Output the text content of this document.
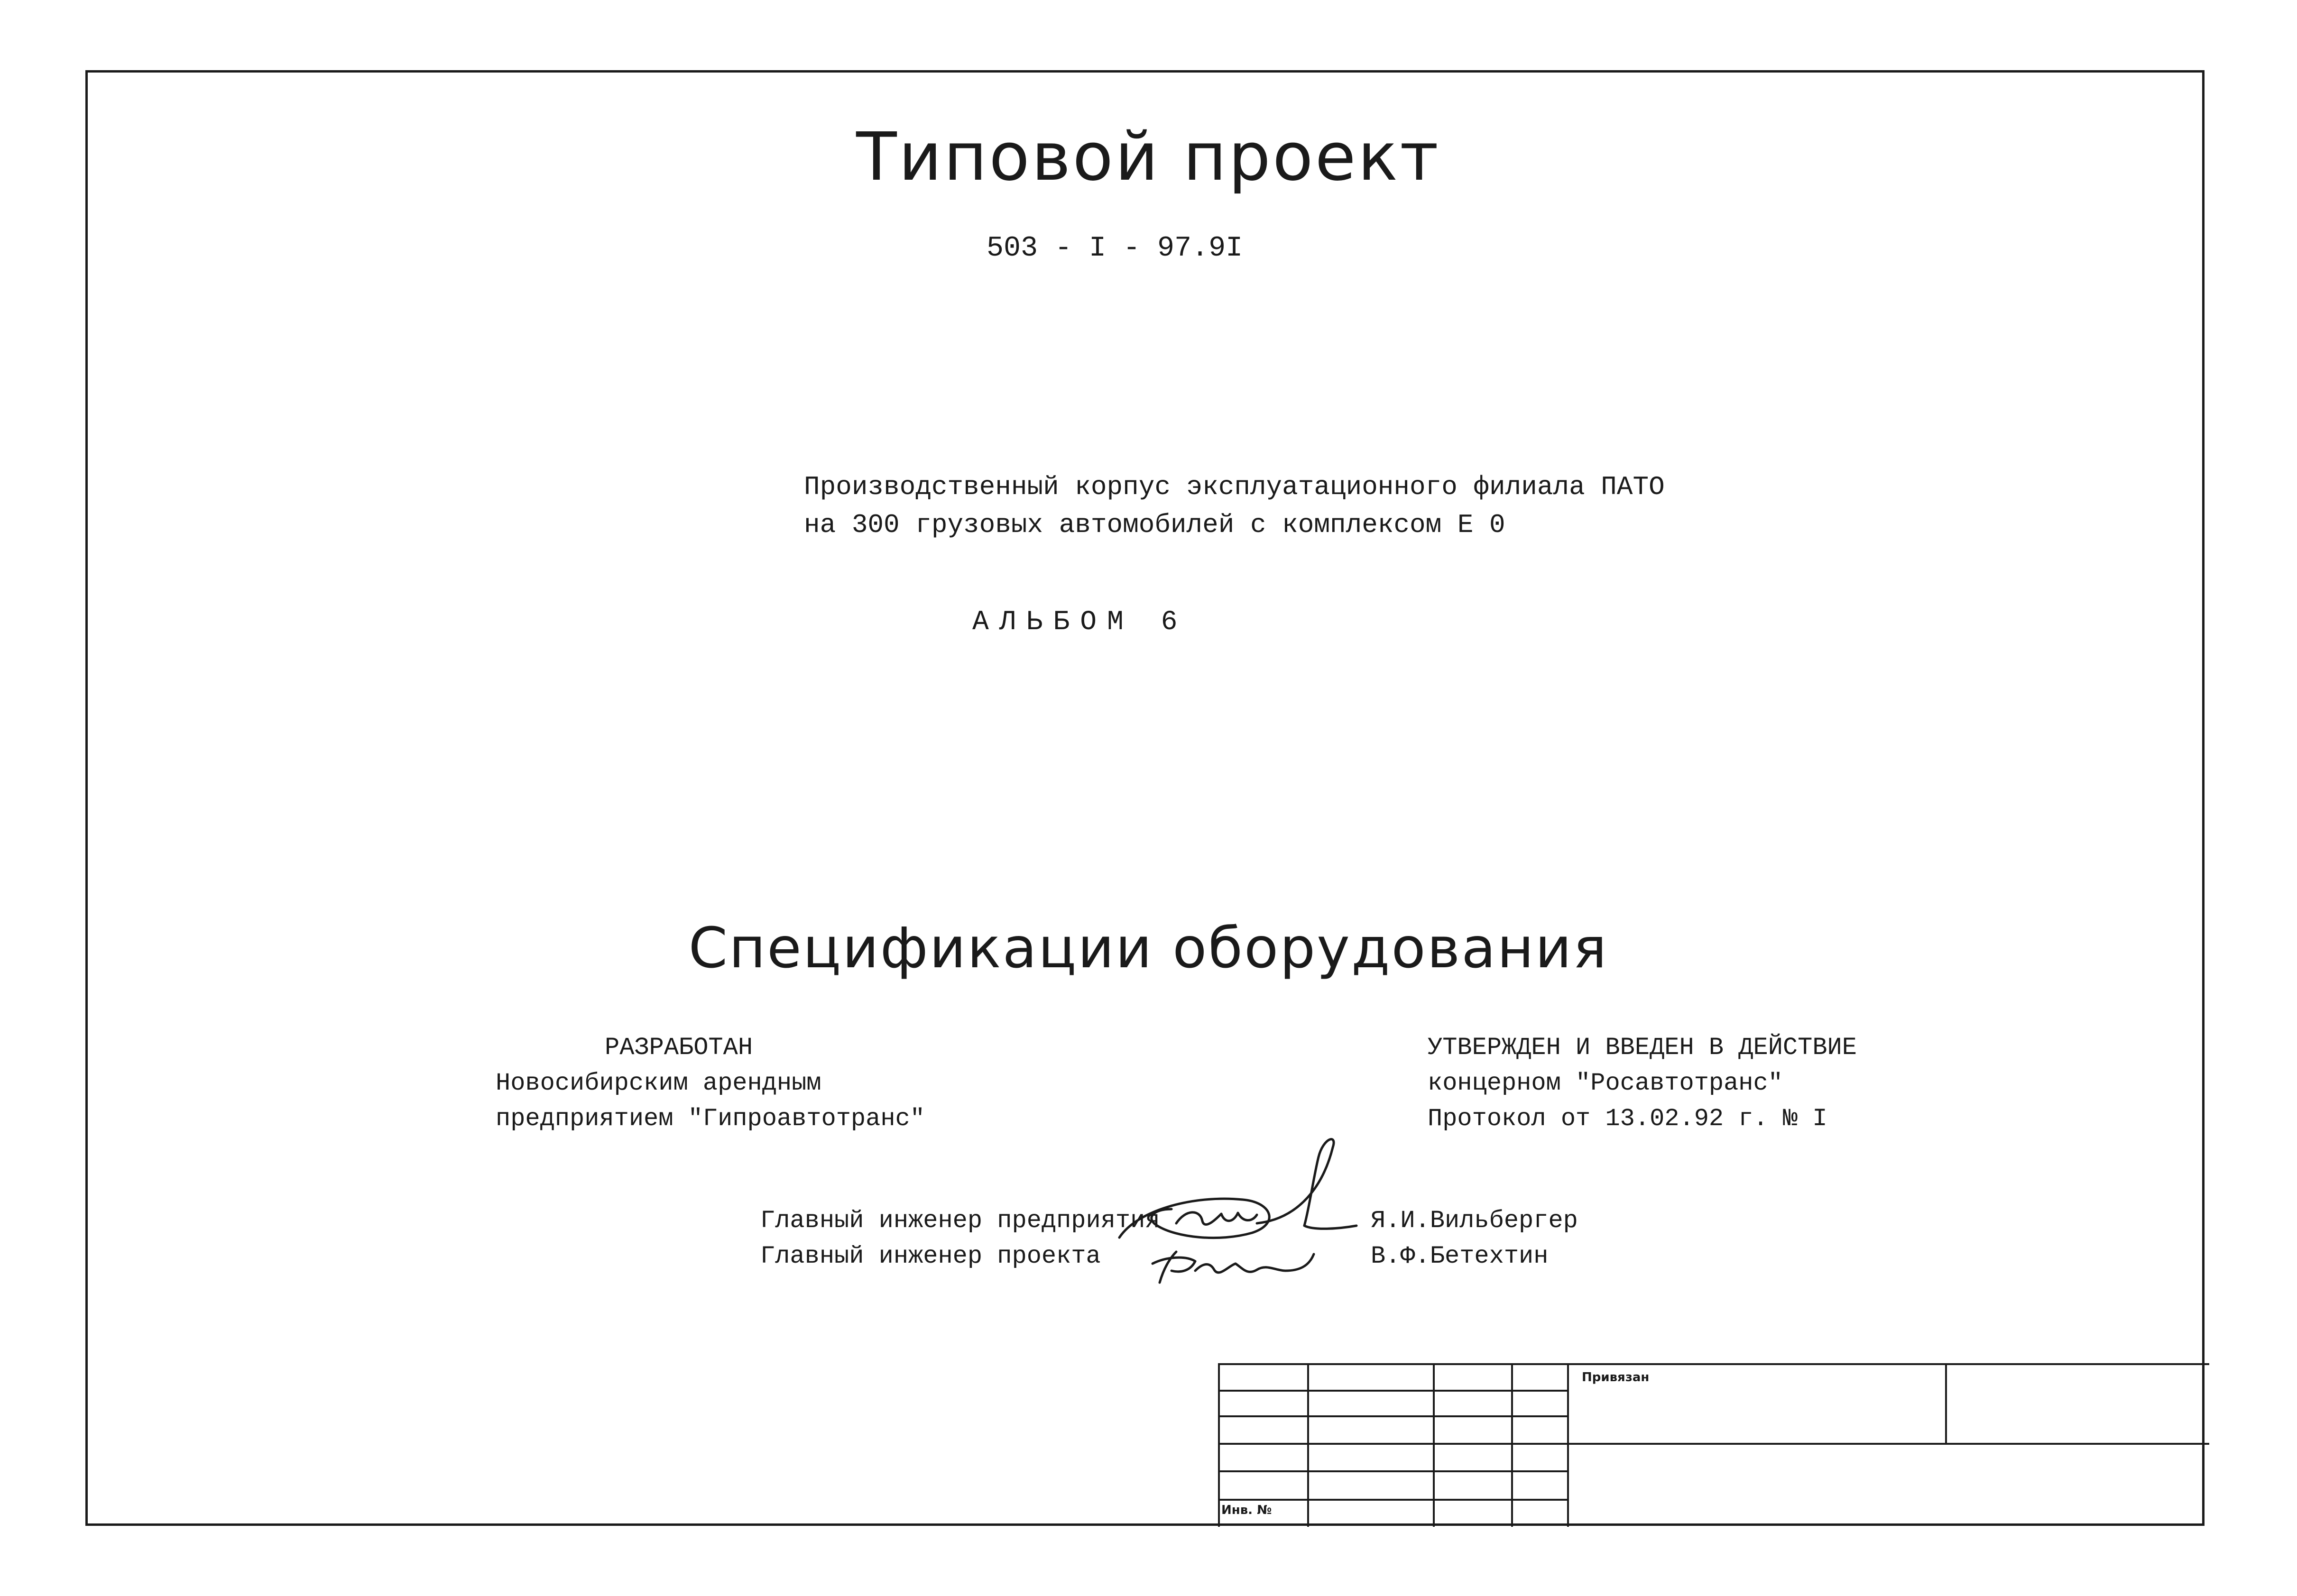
Типовой проект
503 - I - 97.9I
Производственный корпус эксплуатационного филиала ПАТО
на 300 грузовых автомобилей с комплексом Е 0
АЛЬБОМ 6
Спецификации оборудования
РАЗРАБОТАН
Новосибирским арендным
предприятием "Гипроавтотранс"
УТВЕРЖДЕН И ВВЕДЕН В ДЕЙСТВИЕ
концерном "Росавтотранс"
Протокол от 13.02.92 г. № I
Главный инженер предприятия
Главный инженер проекта
Я.И.Вильбергер
В.Ф.Бетехтин
Привязан
Инв. №
